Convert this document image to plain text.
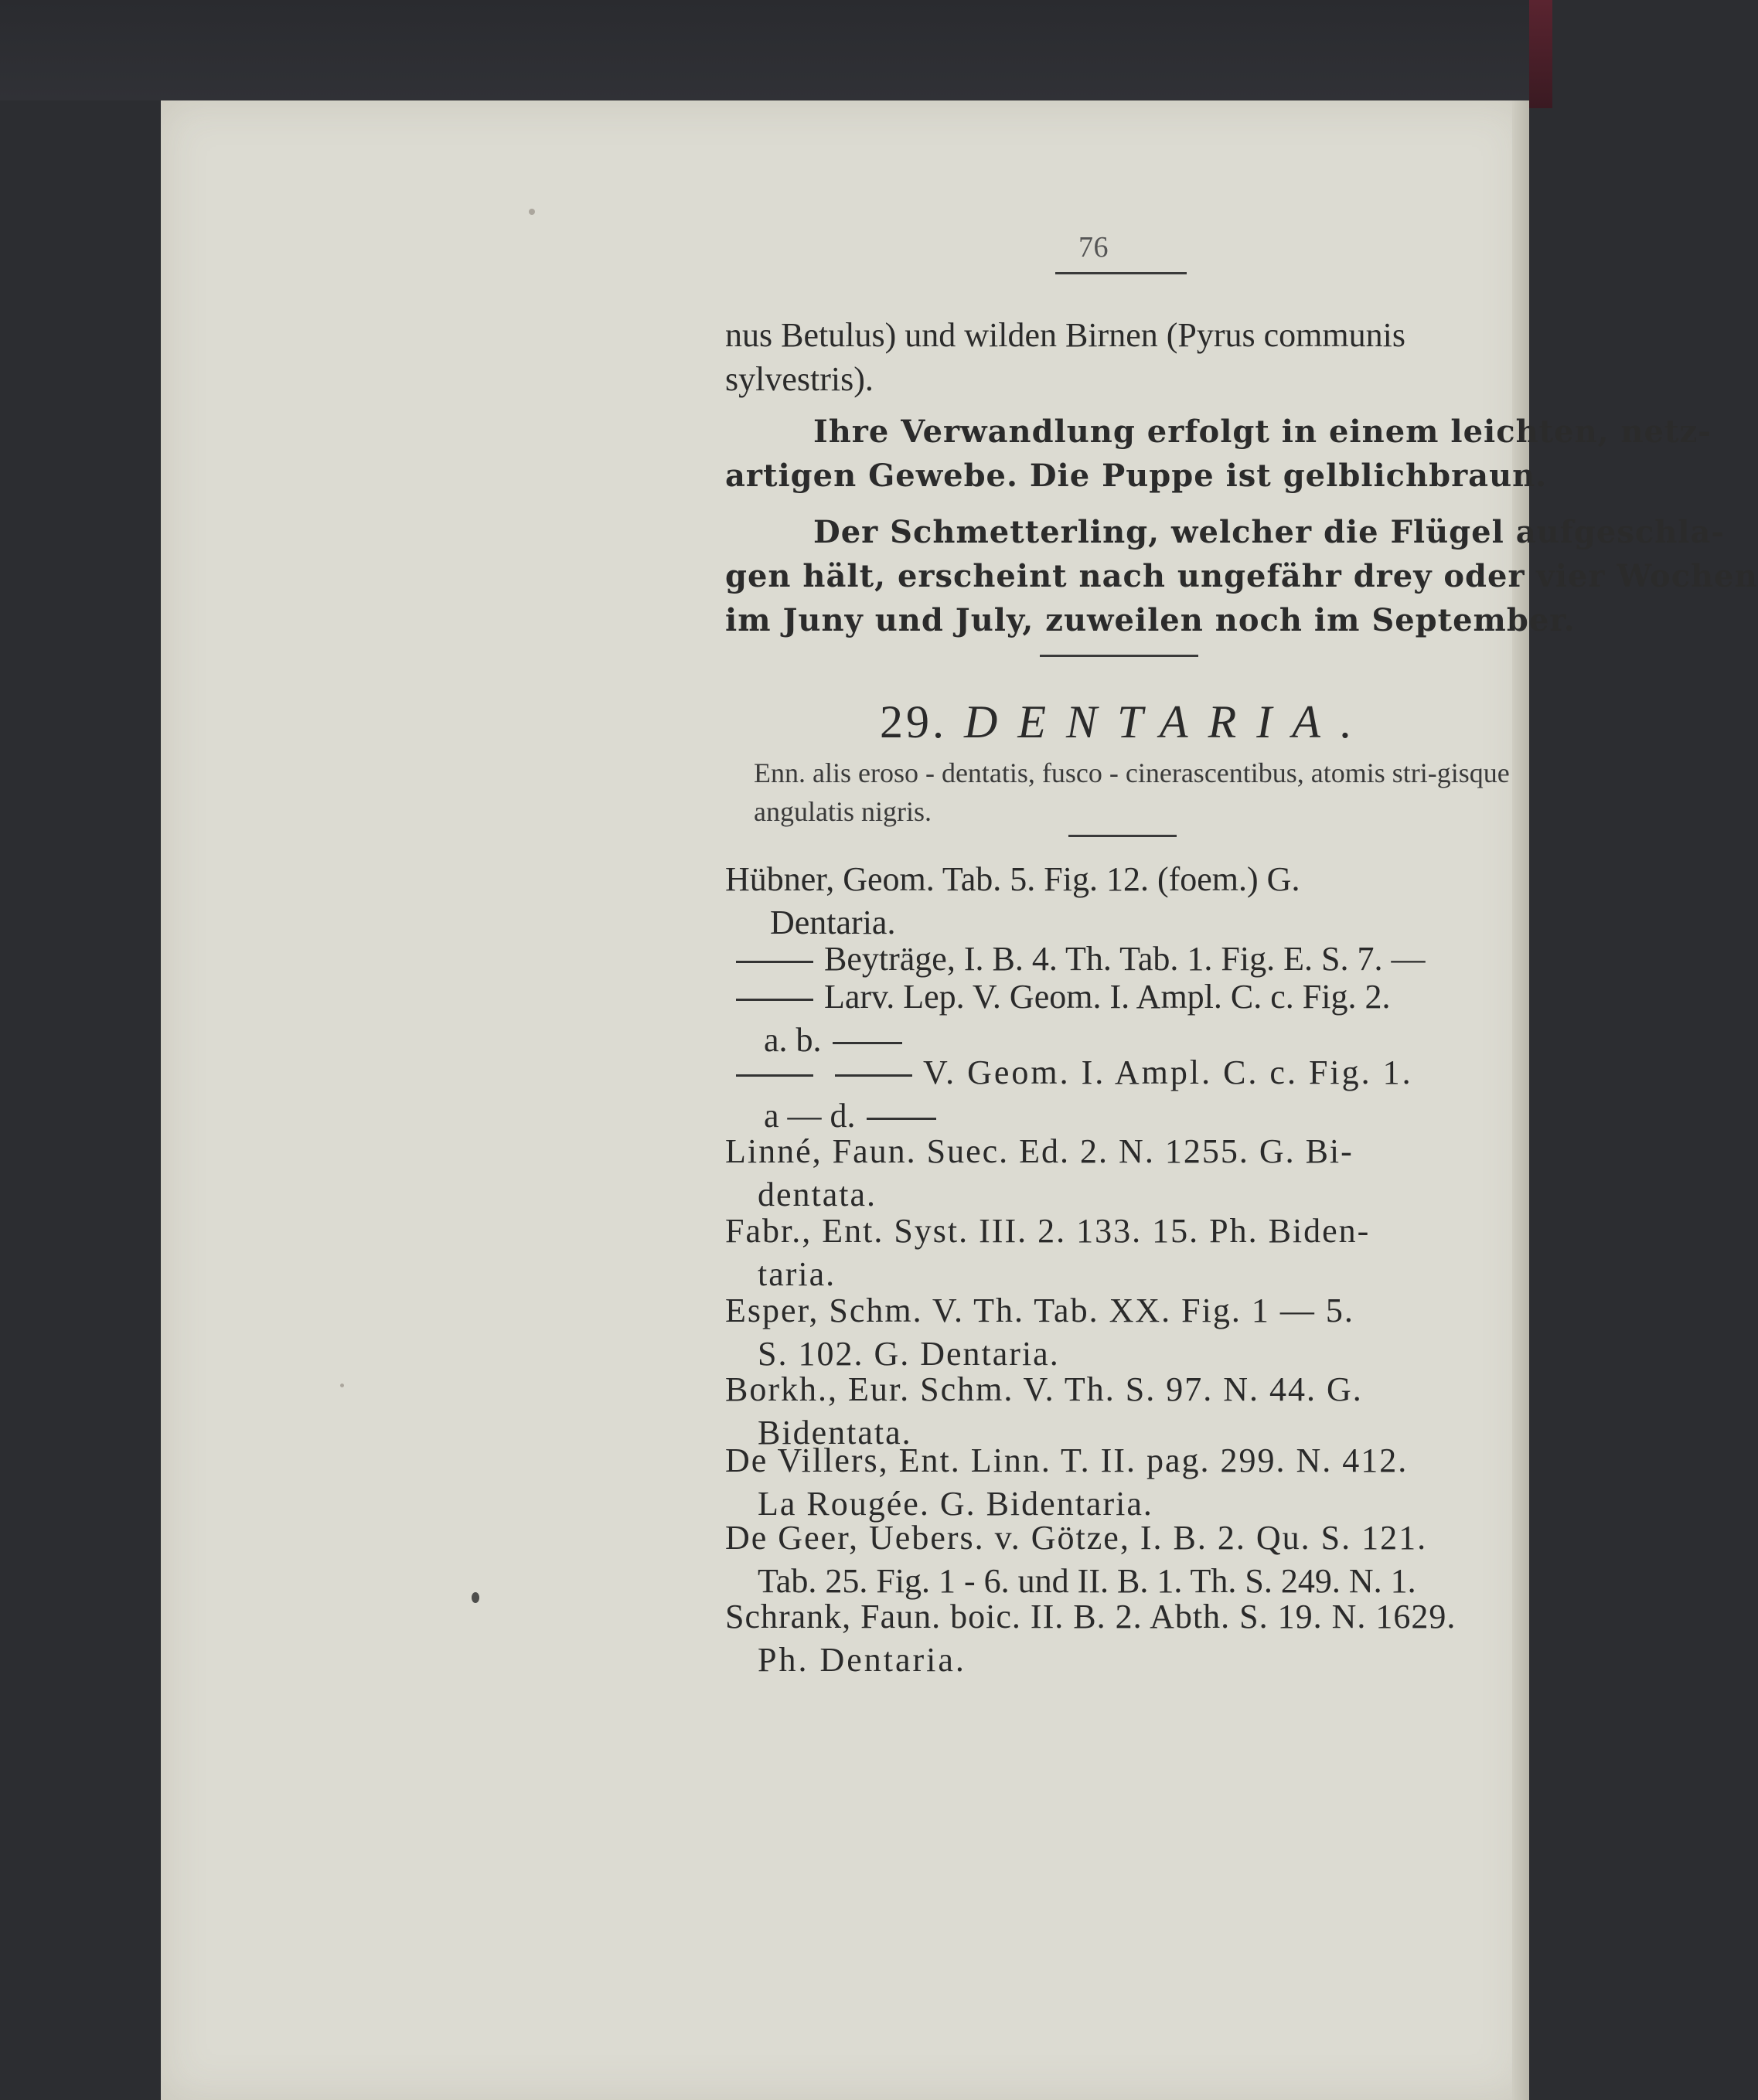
76
nus Betulus) und wilden Birnen (Pyrus communis
sylvestris).
Ihre Verwandlung erfolgt in einem leichten, netz-
artigen Gewebe. Die Puppe ist gelblichbraun.
Der Schmetterling, welcher die Flügel aufgeschla-
gen hält, erscheint nach ungefähr drey oder vier Wochen
im Juny und July, zuweilen noch im September.
29. DENTARIA.
Enn. alis eroso - dentatis, fusco - cinerascentibus, atomis stri-gisque angulatis nigris.
Hübner, Geom. Tab. 5. Fig. 12. (foem.) G.
Dentaria.
Beyträge, I. B. 4. Th. Tab. 1. Fig. E. S. 7. —
Larv. Lep. V. Geom. I. Ampl. C. c. Fig. 2.
a. b.
V. Geom. I. Ampl. C. c. Fig. 1.
a — d.
Linné, Faun. Suec. Ed. 2. N. 1255. G. Bi-
dentata.
Fabr., Ent. Syst. III. 2. 133. 15. Ph. Biden-
taria.
Esper, Schm. V. Th. Tab. XX. Fig. 1 — 5.
S. 102. G. Dentaria.
Borkh., Eur. Schm. V. Th. S. 97. N. 44. G.
Bidentata.
De Villers, Ent. Linn. T. II. pag. 299. N. 412.
La Rougée. G. Bidentaria.
De Geer, Uebers. v. Götze, I. B. 2. Qu. S. 121.
Tab. 25. Fig. 1 - 6. und II. B. 1. Th. S. 249. N. 1.
Schrank, Faun. boic. II. B. 2. Abth. S. 19. N. 1629.
Ph. Dentaria.
